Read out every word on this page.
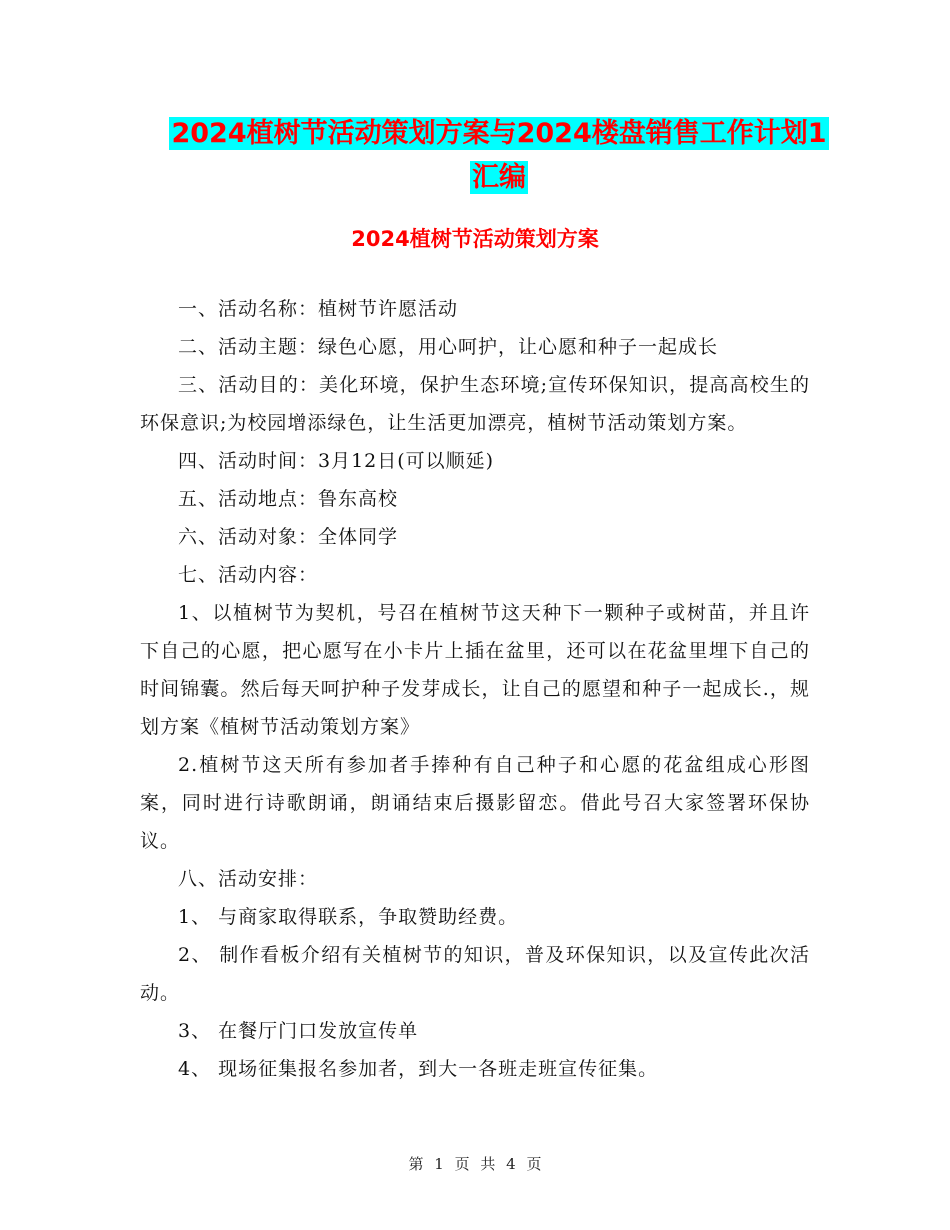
2024植树节活动策划方案与2024楼盘销售工作计划1
汇编
2024植树节活动策划方案

一、活动名称：植树节许愿活动

二、活动主题：绿色心愿，用心呵护，让心愿和种子一起成长

三、活动目的：美化环境，保护生态环境;宣传环保知识，提高高校生的环保意识;为校园增添绿色，让生活更加漂亮，植树节活动策划方案。

四、活动时间：3月12日(可以顺延)

五、活动地点：鲁东高校

六、活动对象：全体同学

七、活动内容：

1、以植树节为契机，号召在植树节这天种下一颗种子或树苗，并且许下自己的心愿，把心愿写在小卡片上插在盆里，还可以在花盆里埋下自己的时间锦囊。然后每天呵护种子发芽成长，让自己的愿望和种子一起成长.，规划方案《植树节活动策划方案》

2.植树节这天所有参加者手捧种有自己种子和心愿的花盆组成心形图案，同时进行诗歌朗诵，朗诵结束后摄影留恋。借此号召大家签署环保协议。

八、活动安排：

1、 与商家取得联系，争取赞助经费。

2、 制作看板介绍有关植树节的知识，普及环保知识，以及宣传此次活动。

3、 在餐厅门口发放宣传单

4、 现场征集报名参加者，到大一各班走班宣传征集。

第 1 页 共 4 页
